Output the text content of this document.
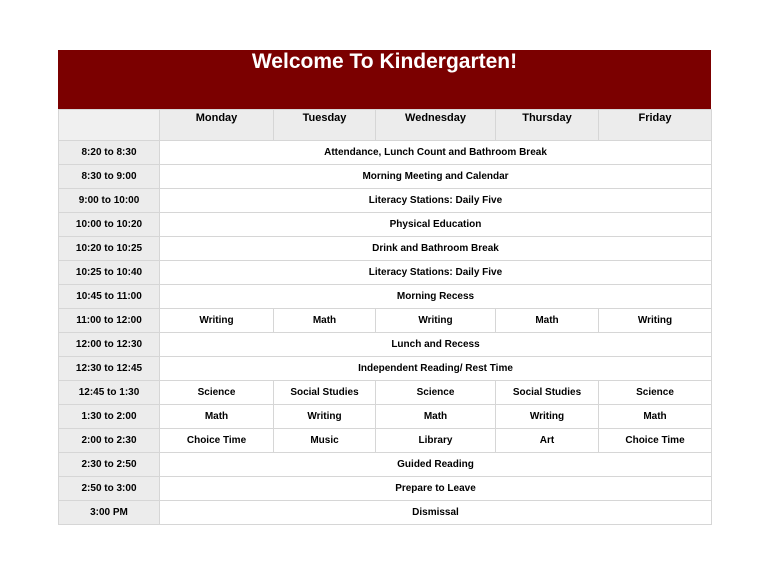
Welcome To Kindergarten!
	Monday	Tuesday	Wednesday	Thursday	Friday
8:20 to 8:30	Attendance, Lunch Count and Bathroom Break				
8:30 to 9:00	Morning Meeting and Calendar				
9:00 to 10:00	Literacy Stations: Daily Five				
10:00 to 10:20	Physical Education				
10:20 to 10:25	Drink and Bathroom Break				
10:25 to 10:40	Literacy Stations: Daily Five				
10:45 to 11:00	Morning Recess				
11:00 to 12:00	Writing	Math	Writing	Math	Writing
12:00 to 12:30	Lunch and Recess				
12:30 to 12:45	Independent Reading/ Rest Time				
12:45 to 1:30	Science	Social Studies	Science	Social Studies	Science
1:30 to 2:00	Math	Writing	Math	Writing	Math
2:00 to 2:30	Choice Time	Music	Library	Art	Choice Time
2:30 to 2:50	Guided Reading				
2:50 to 3:00	Prepare to Leave				
3:00 PM	Dismissal				
